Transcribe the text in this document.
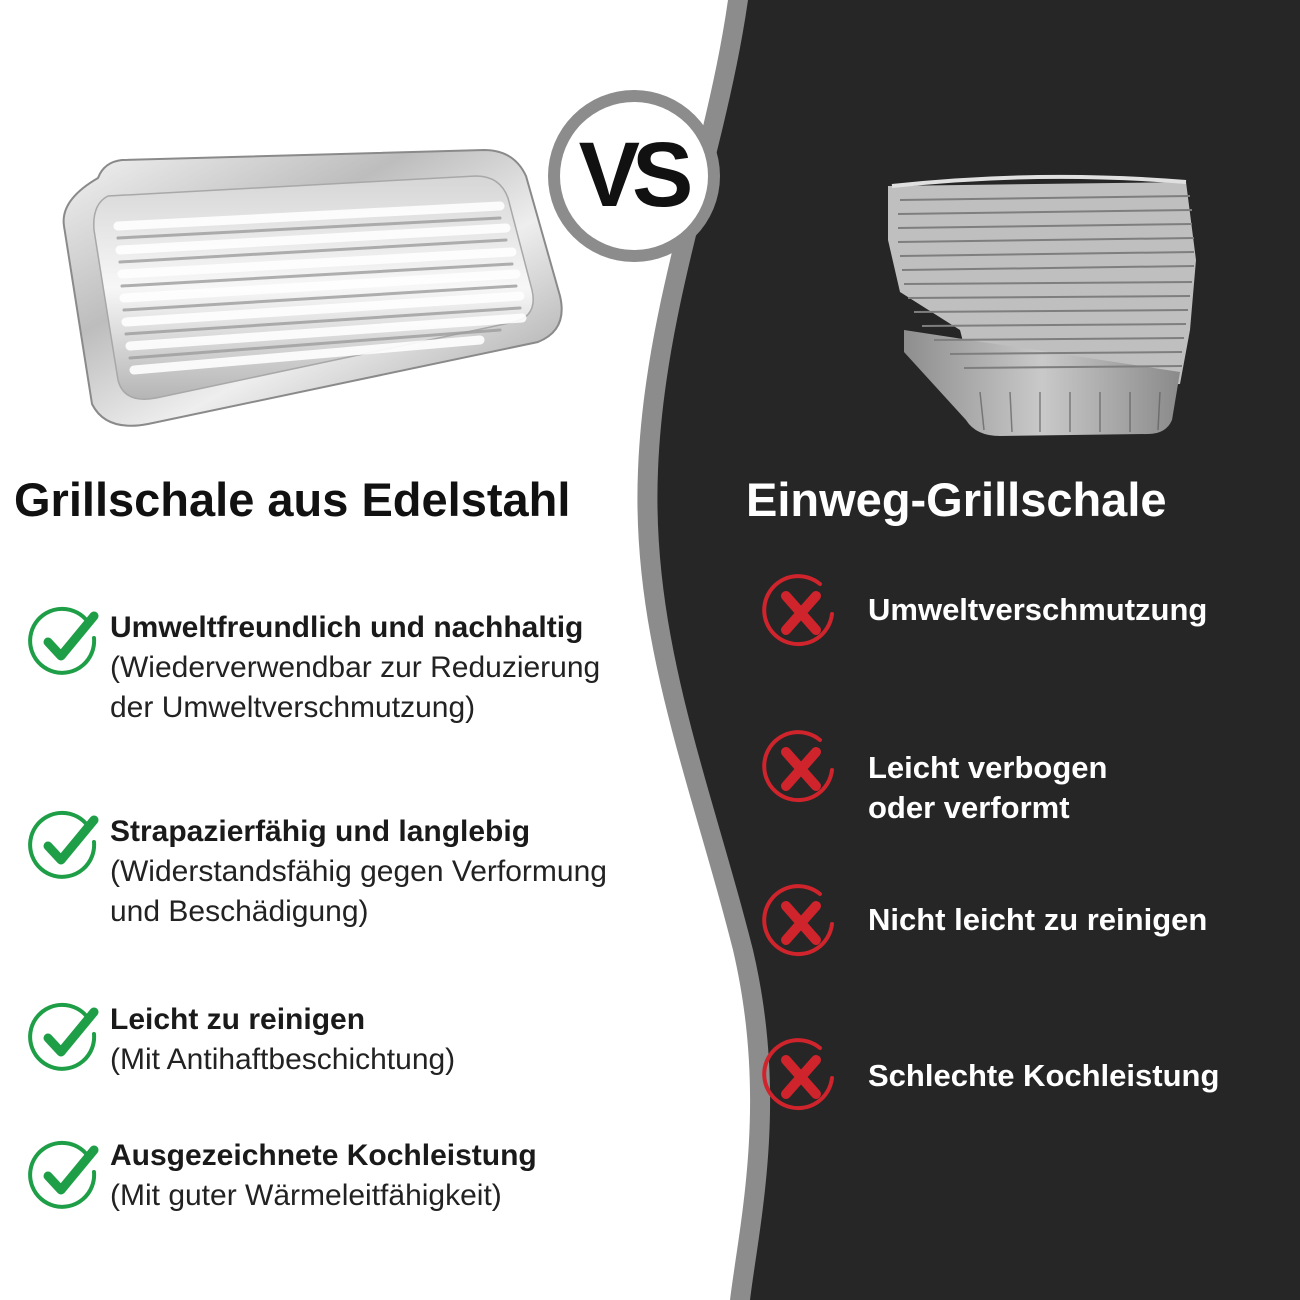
VS
Grillschale aus Edelstahl	Einweg-Grillschale
Umweltfreundlich und nachhaltig
(Wiederverwendbar zur Reduzierung
der Umweltverschmutzung)
Strapazierfähig und langlebig
(Widerstandsfähig gegen Verformung
und Beschädigung)
Leicht zu reinigen
(Mit Antihaftbeschichtung)
Ausgezeichnete Kochleistung
(Mit guter Wärmeleitfähigkeit)
Umweltverschmutzung
Leicht verbogen
oder verformt
Nicht leicht zu reinigen
Schlechte Kochleistung
